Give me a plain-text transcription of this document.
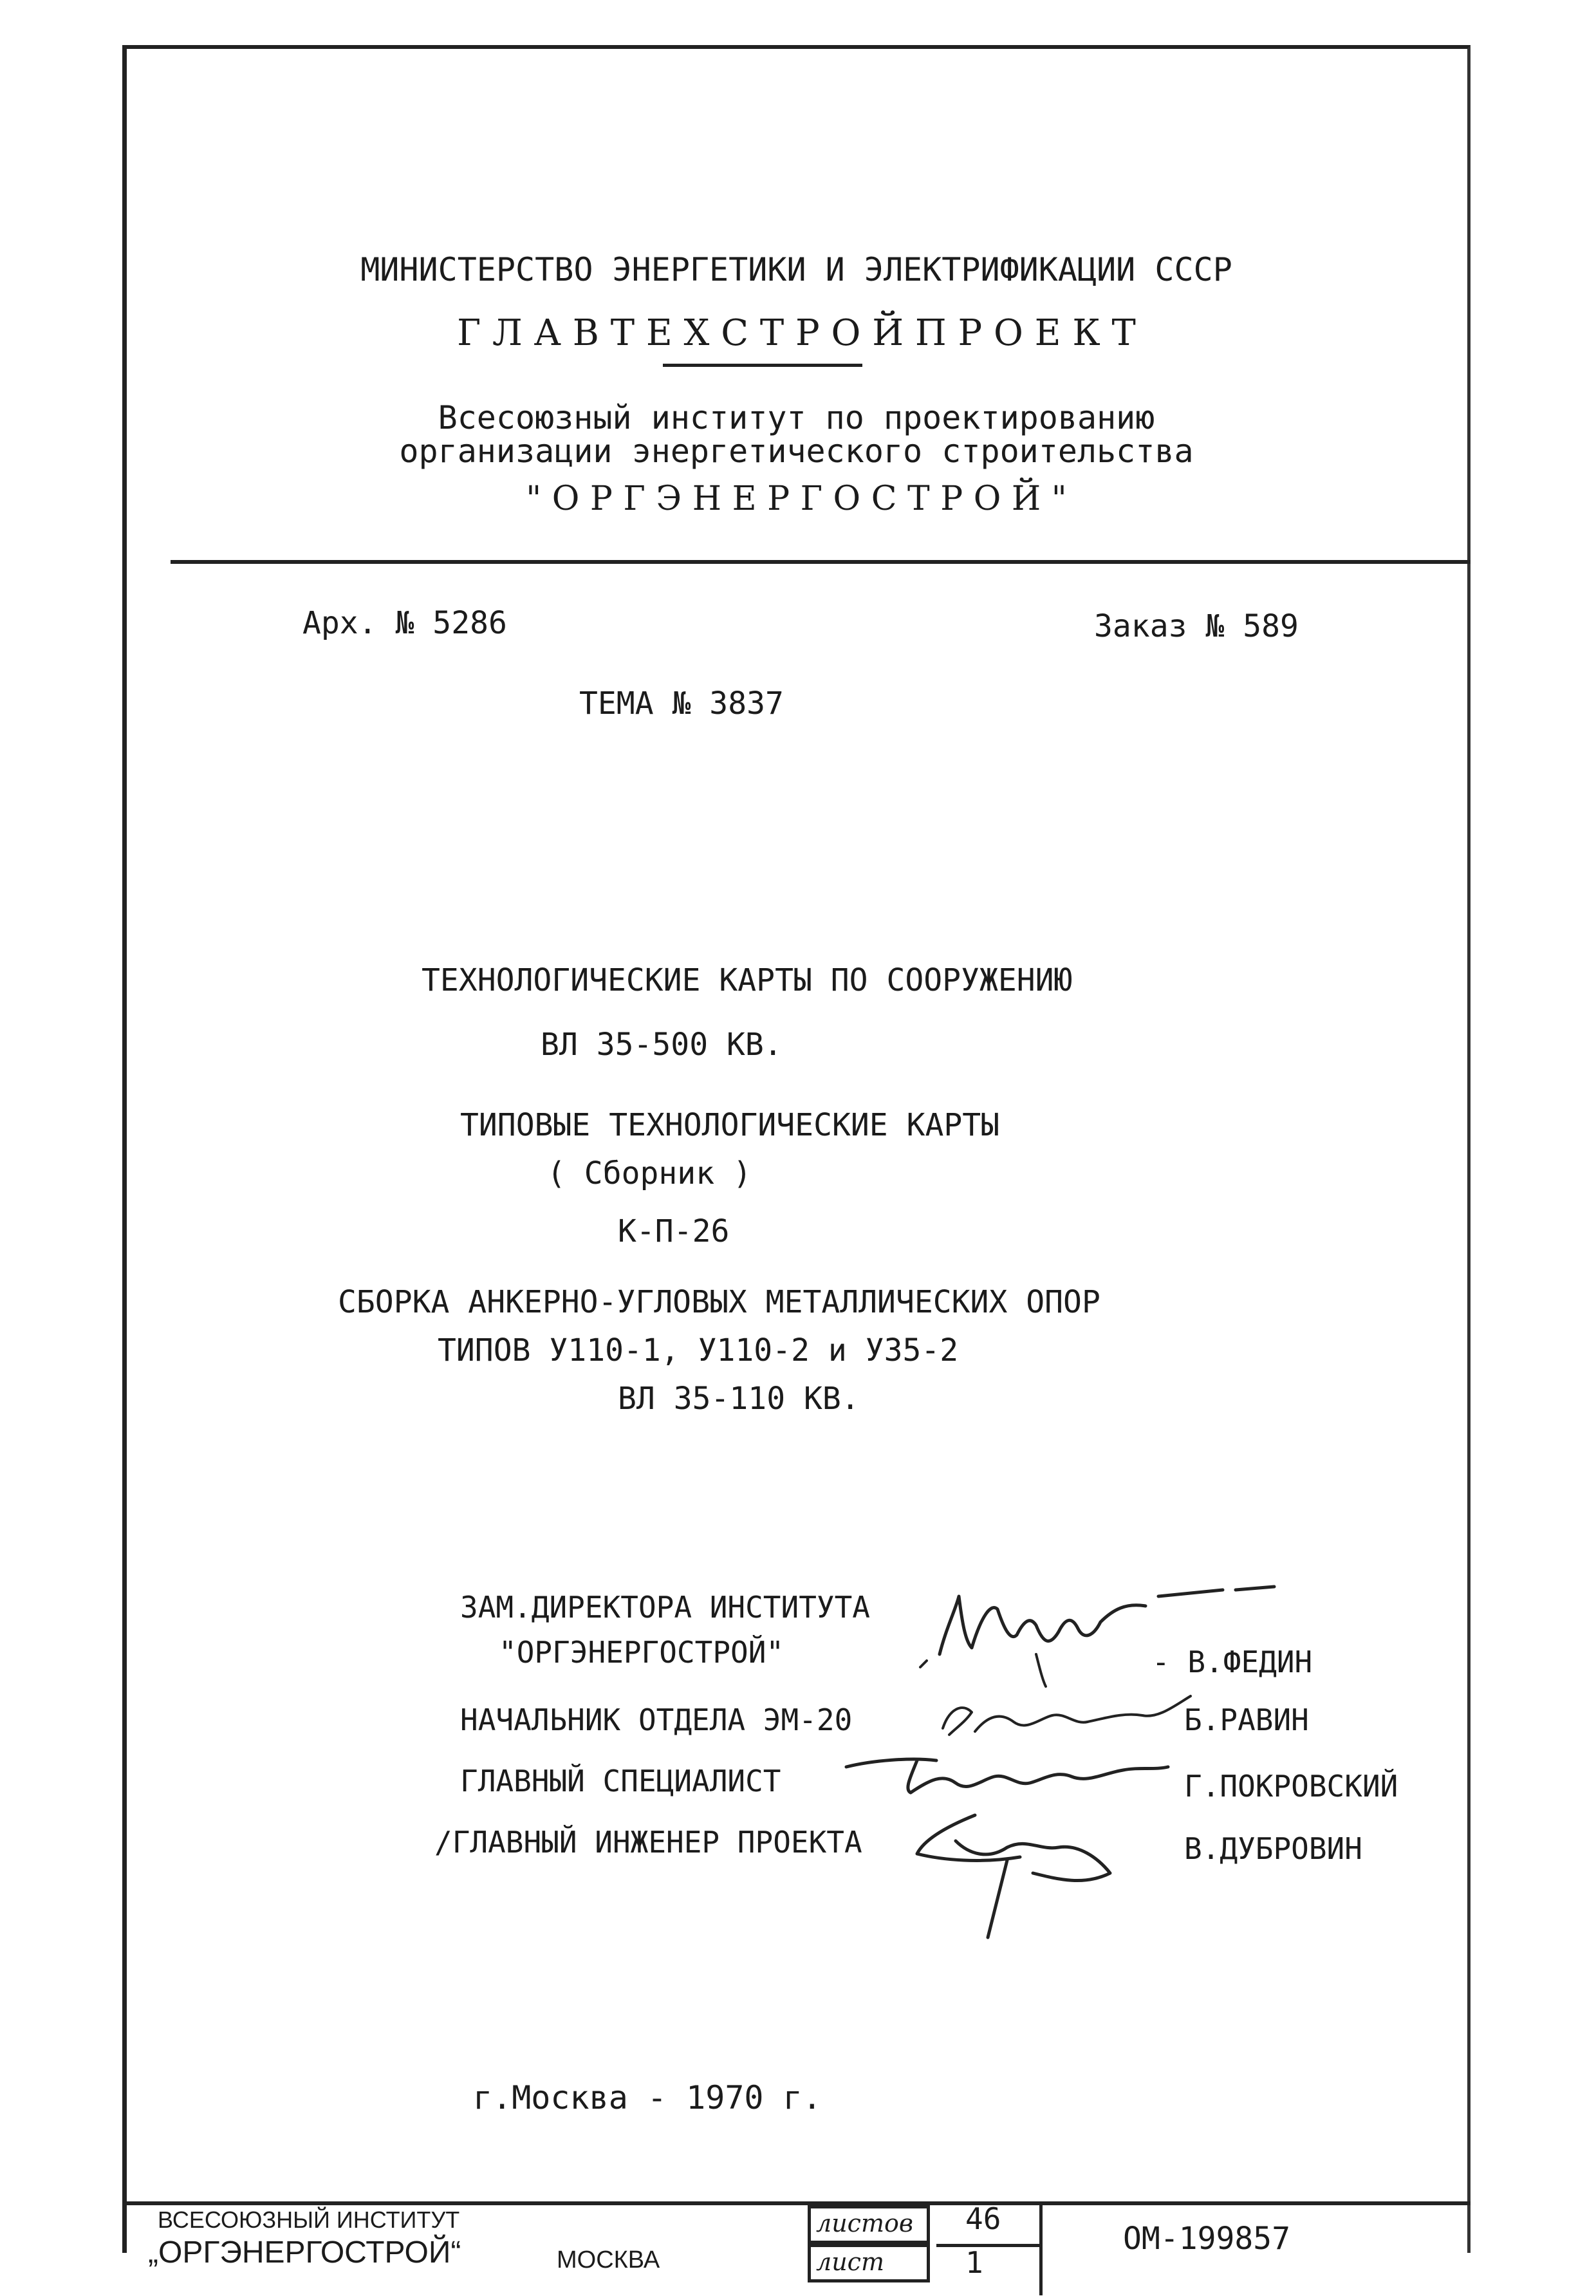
МИНИСТЕРСТВО ЭНЕРГЕТИКИ И ЭЛЕКТРИФИКАЦИИ СССР
Г Л А В Т Е Х С Т Р О Й П Р О Е К Т
Всесоюзный институт по проектированию
организации энергетического строительства
" О Р Г Э Н Е Р Г О С Т Р О Й "
Арх. № 5286	Заказ № 589
ТЕМА № 3837
ТЕХНОЛОГИЧЕСКИЕ КАРТЫ ПО СООРУЖЕНИЮ
ВЛ 35-500 КВ.
ТИПОВЫЕ ТЕХНОЛОГИЧЕСКИЕ КАРТЫ
( Сборник )
К-П-26
СБОРКА АНКЕРНО-УГЛОВЫХ МЕТАЛЛИЧЕСКИХ ОПОР
ТИПОВ У110-1, У110-2 и У35-2
ВЛ 35-110 КВ.
ЗАМ.ДИРЕКТОРА ИНСТИТУТА
"ОРГЭНЕРГОСТРОЙ"	- В.ФЕДИН
НАЧАЛЬНИК ОТДЕЛА ЭМ-20	Б.РАВИН
ГЛАВНЫЙ СПЕЦИАЛИСТ	Г.ПОКРОВСКИЙ
/ГЛАВНЫЙ ИНЖЕНЕР ПРОЕКТА	В.ДУБРОВИН
г.Москва - 1970 г.
ВСЕСОЮЗНЫЙ ИНСТИТУТ
„ОРГЭНЕРГОСТРОЙ“	МОСКВА
листов 46
лист	1
ОМ-199857
